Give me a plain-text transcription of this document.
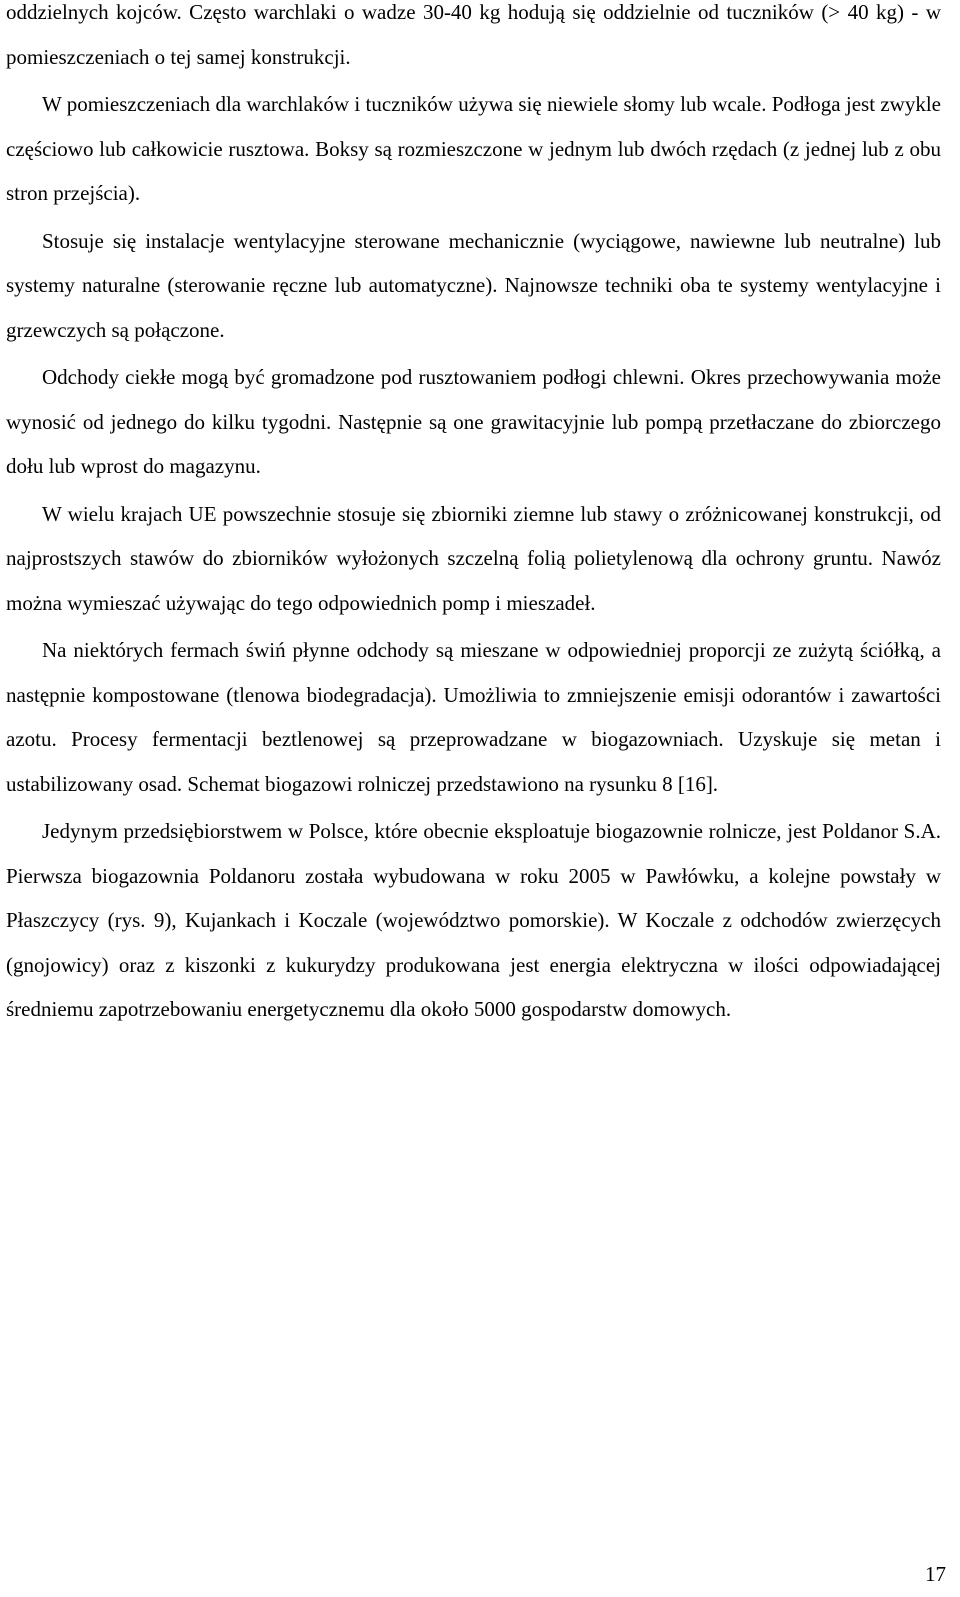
oddzielnych kojców. Często warchlaki o wadze 30-40 kg hodują się oddzielnie od tuczników (> 40 kg) - w pomieszczeniach o tej samej konstrukcji.

W pomieszczeniach dla warchlaków i tuczników używa się niewiele słomy lub wcale. Podłoga jest zwykle częściowo lub całkowicie rusztowa. Boksy są rozmieszczone w jednym lub dwóch rzędach (z jednej lub z obu stron przejścia).

Stosuje się instalacje wentylacyjne sterowane mechanicznie (wyciągowe, nawiewne lub neutralne) lub systemy naturalne (sterowanie ręczne lub automatyczne). Najnowsze techniki oba te systemy wentylacyjne i grzewczych są połączone.

Odchody ciekłe mogą być gromadzone pod rusztowaniem podłogi chlewni. Okres przechowywania może wynosić od jednego do kilku tygodni. Następnie są one grawitacyjnie lub pompą przetłaczane do zbiorczego dołu lub wprost do magazynu.

W wielu krajach UE powszechnie stosuje się zbiorniki ziemne lub stawy o zróżnicowanej konstrukcji, od najprostszych stawów do zbiorników wyłożonych szczelną folią polietylenową dla ochrony gruntu. Nawóz można wymieszać używając do tego odpowiednich pomp i mieszadeł.

Na niektórych fermach świń płynne odchody są mieszane w odpowiedniej proporcji ze zużytą ściółką, a następnie kompostowane (tlenowa biodegradacja). Umożliwia to zmniejszenie emisji odorantów i zawartości azotu. Procesy fermentacji beztlenowej są przeprowadzane w biogazowniach. Uzyskuje się metan i ustabilizowany osad. Schemat biogazowi rolniczej przedstawiono na rysunku 8 [16].

Jedynym przedsiębiorstwem w Polsce, które obecnie eksploatuje biogazownie rolnicze, jest Poldanor S.A. Pierwsza biogazownia Poldanoru została wybudowana w roku 2005 w Pawłówku, a kolejne powstały w Płaszczycy (rys. 9), Kujankach i Koczale (województwo pomorskie). W Koczale z odchodów zwierzęcych (gnojowicy) oraz z kiszonki z kukurydzy produkowana jest energia elektryczna w ilości odpowiadającej średniemu zapotrzebowaniu energetycznemu dla około 5000 gospodarstw domowych.

17
